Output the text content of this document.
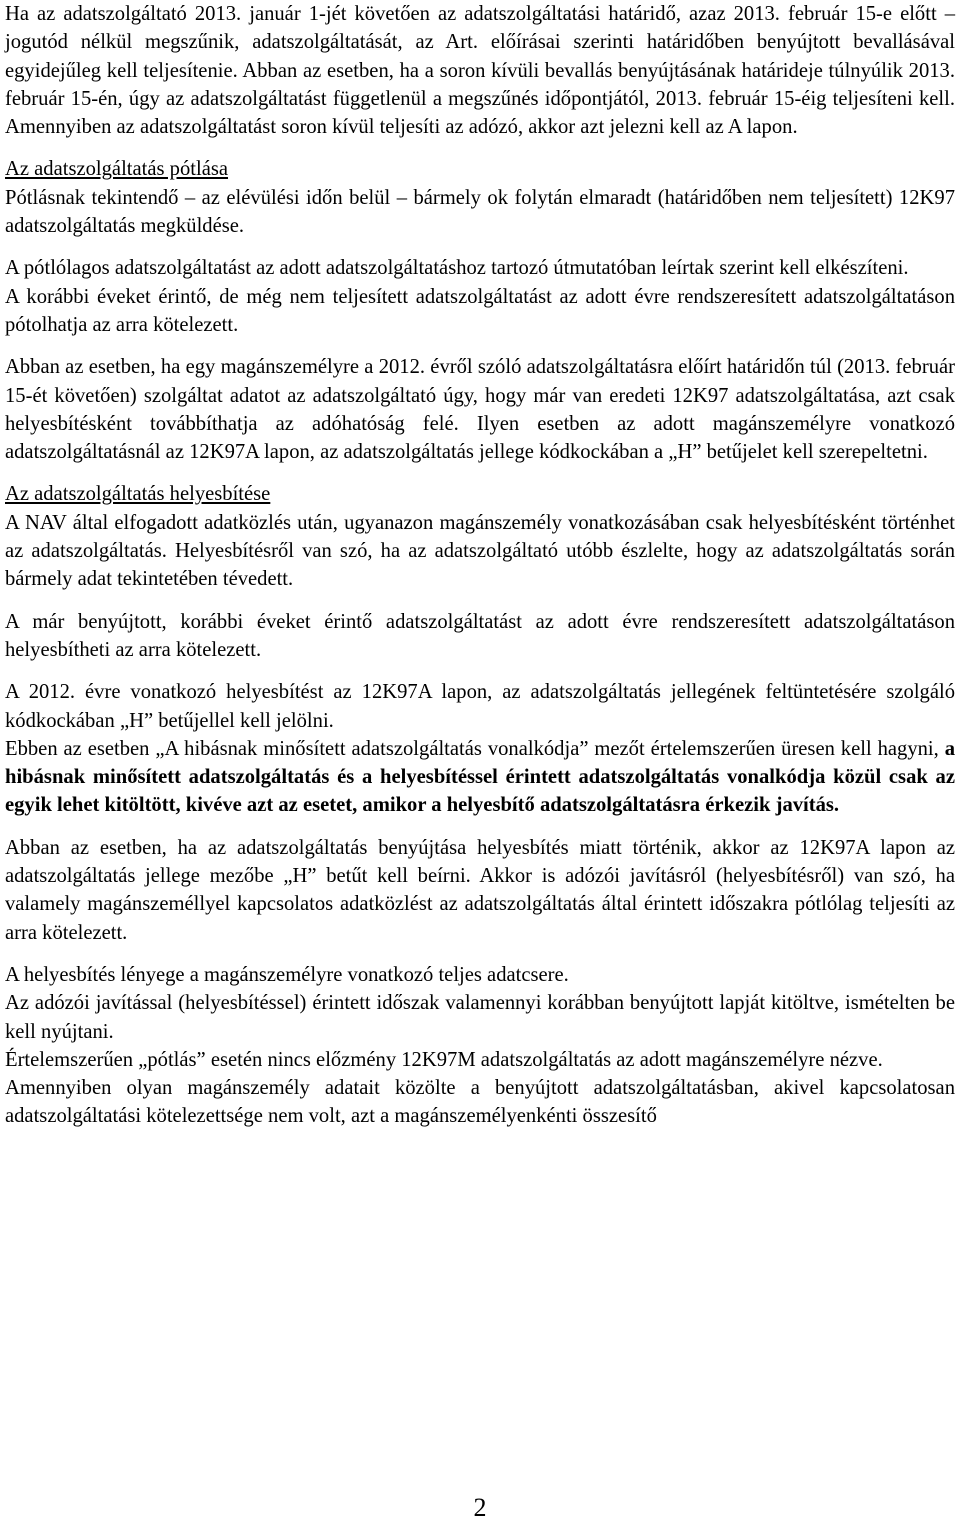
Ha az adatszolgáltató 2013. január 1-jét követően az adatszolgáltatási határidő, azaz 2013. február 15-e előtt – jogutód nélkül megszűnik, adatszolgáltatását, az Art. előírásai szerinti határidőben benyújtott bevallásával egyidejűleg kell teljesítenie. Abban az esetben, ha a soron kívüli bevallás benyújtásának határideje túlnyúlik 2013. február 15-én, úgy az adatszolgáltatást függetlenül a megszűnés időpontjától, 2013. február 15-éig teljesíteni kell. Amennyiben az adatszolgáltatást soron kívül teljesíti az adózó, akkor azt jelezni kell az A lapon.

Az adatszolgáltatás pótlása

Pótlásnak tekintendő – az elévülési időn belül – bármely ok folytán elmaradt (határidőben nem teljesített) 12K97 adatszolgáltatás megküldése.

A pótlólagos adatszolgáltatást az adott adatszolgáltatáshoz tartozó útmutatóban leírtak szerint kell elkészíteni.

A korábbi éveket érintő, de még nem teljesített adatszolgáltatást az adott évre rendszeresített adatszolgáltatáson pótolhatja az arra kötelezett.

Abban az esetben, ha egy magánszemélyre a 2012. évről szóló adatszolgáltatásra előírt határidőn túl (2013. február 15-ét követően) szolgáltat adatot az adatszolgáltató úgy, hogy már van eredeti 12K97 adatszolgáltatása, azt csak helyesbítésként továbbíthatja az adóhatóság felé. Ilyen esetben az adott magánszemélyre vonatkozó adatszolgáltatásnál az 12K97A lapon, az adatszolgáltatás jellege kódkockában a „H” betűjelet kell szerepeltetni.

Az adatszolgáltatás helyesbítése

A NAV által elfogadott adatközlés után, ugyanazon magánszemély vonatkozásában csak helyesbítésként történhet az adatszolgáltatás. Helyesbítésről van szó, ha az adatszolgáltató utóbb észlelte, hogy az adatszolgáltatás során bármely adat tekintetében tévedett.

A már benyújtott, korábbi éveket érintő adatszolgáltatást az adott évre rendszeresített adatszolgáltatáson helyesbítheti az arra kötelezett.

A 2012. évre vonatkozó helyesbítést az 12K97A lapon, az adatszolgáltatás jellegének feltüntetésére szolgáló kódkockában „H” betűjellel kell jelölni.

Ebben az esetben „A hibásnak minősített adatszolgáltatás vonalkódja” mezőt értelemszerűen üresen kell hagyni, a hibásnak minősített adatszolgáltatás és a helyesbítéssel érintett adatszolgáltatás vonalkódja közül csak az egyik lehet kitöltött, kivéve azt az esetet, amikor a helyesbítő adatszolgáltatásra érkezik javítás.

Abban az esetben, ha az adatszolgáltatás benyújtása helyesbítés miatt történik, akkor az 12K97A lapon az adatszolgáltatás jellege mezőbe „H” betűt kell beírni. Akkor is adózói javításról (helyesbítésről) van szó, ha valamely magánszeméllyel kapcsolatos adatközlést az adatszolgáltatás által érintett időszakra pótlólag teljesíti az arra kötelezett.

A helyesbítés lényege a magánszemélyre vonatkozó teljes adatcsere.

Az adózói javítással (helyesbítéssel) érintett időszak valamennyi korábban benyújtott lapját kitöltve, ismételten be kell nyújtani.

Értelemszerűen „pótlás” esetén nincs előzmény 12K97M adatszolgáltatás az adott magánszemélyre nézve.

Amennyiben olyan magánszemély adatait közölte a benyújtott adatszolgáltatásban, akivel kapcsolatosan adatszolgáltatási kötelezettsége nem volt, azt a magánszemélyenkénti összesítő

2
